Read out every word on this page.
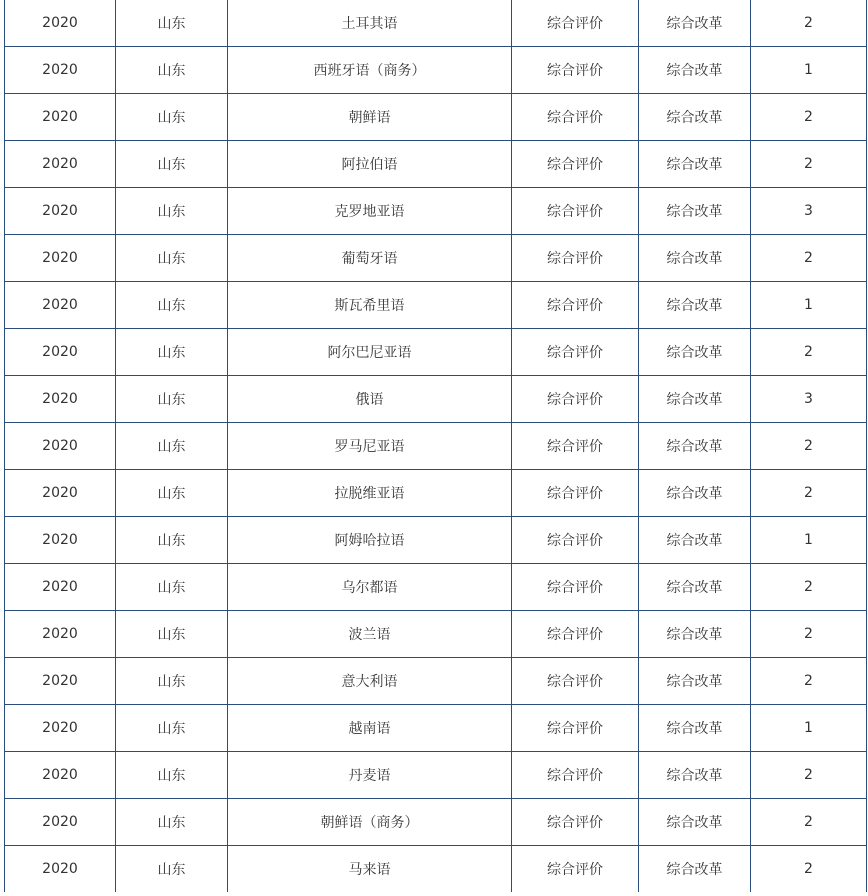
2020	山东	土耳其语	综合评价	综合改革	2
2020	山东	西班牙语（商务）	综合评价	综合改革	1
2020	山东	朝鲜语	综合评价	综合改革	2
2020	山东	阿拉伯语	综合评价	综合改革	2
2020	山东	克罗地亚语	综合评价	综合改革	3
2020	山东	葡萄牙语	综合评价	综合改革	2
2020	山东	斯瓦希里语	综合评价	综合改革	1
2020	山东	阿尔巴尼亚语	综合评价	综合改革	2
2020	山东	俄语	综合评价	综合改革	3
2020	山东	罗马尼亚语	综合评价	综合改革	2
2020	山东	拉脱维亚语	综合评价	综合改革	2
2020	山东	阿姆哈拉语	综合评价	综合改革	1
2020	山东	乌尔都语	综合评价	综合改革	2
2020	山东	波兰语	综合评价	综合改革	2
2020	山东	意大利语	综合评价	综合改革	2
2020	山东	越南语	综合评价	综合改革	1
2020	山东	丹麦语	综合评价	综合改革	2
2020	山东	朝鲜语（商务）	综合评价	综合改革	2
2020	山东	马来语	综合评价	综合改革	2
